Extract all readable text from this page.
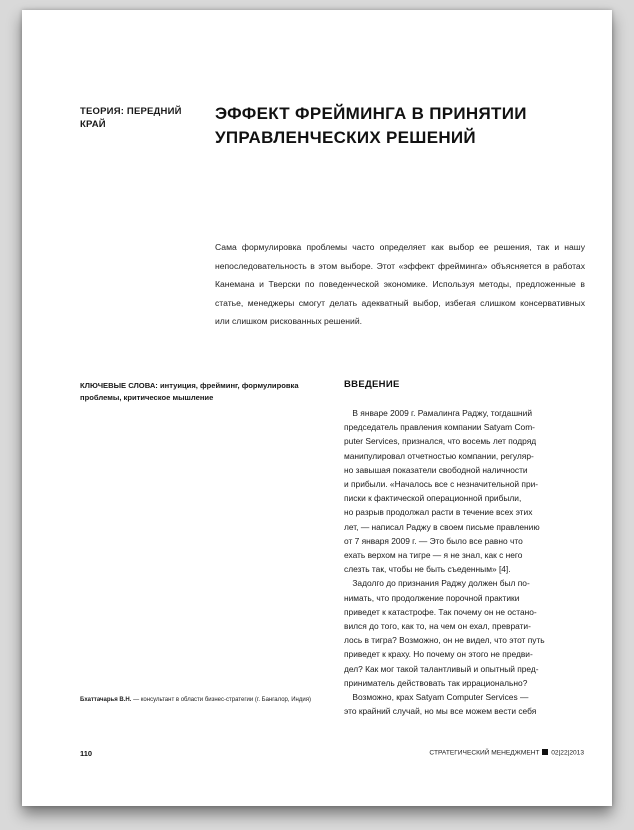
ТЕОРИЯ: ПЕРЕДНИЙ КРАЙ
ЭФФЕКТ ФРЕЙМИНГА В ПРИНЯТИИ УПРАВЛЕНЧЕСКИХ РЕШЕНИЙ
Сама формулировка проблемы часто определяет как выбор ее решения, так и нашу непоследовательность в этом выборе. Этот «эффект фрейминга» объясняется в работах Канемана и Тверски по поведенческой экономике. Используя методы, предложенные в статье, менеджеры смогут делать адекватный выбор, избегая слишком консервативных или слишком рискованных решений.
КЛЮЧЕВЫЕ СЛОВА: интуиция, фрейминг, формулировка проблемы, критическое мышление
ВВЕДЕНИЕ
 В январе 2009 г. Рамалинга Раджу, тогдашний
председатель правления компании Satyam Com-
puter Services, признался, что восемь лет подряд
манипулировал отчетностью компании, регуляр-
но завышая показатели свободной наличности
и прибыли. «Началось все с незначительной при-
писки к фактической операционной прибыли,
но разрыв продолжал расти в течение всех этих
лет, — написал Раджу в своем письме правлению
от 7 января 2009 г. — Это было все равно что
ехать верхом на тигре — я не знал, как с него
слезть так, чтобы не быть съеденным» [4].
 Задолго до признания Раджу должен был по-
нимать, что продолжение порочной практики
приведет к катастрофе. Так почему он не остано-
вился до того, как то, на чем он ехал, преврати-
лось в тигра? Возможно, он не видел, что этот путь
приведет к краху. Но почему он этого не предви-
дел? Как мог такой талантливый и опытный пред-
приниматель действовать так иррационально?
 Возможно, крах Satyam Computer Services —
это крайний случай, но мы все можем вести себя
Бхаттачарья В.Н. — консультант в области бизнес-стратегии (г. Бангалор, Индия)
110	СТРАТЕГИЧЕСКИЙ МЕНЕДЖМЕНТ 02|22|2013
